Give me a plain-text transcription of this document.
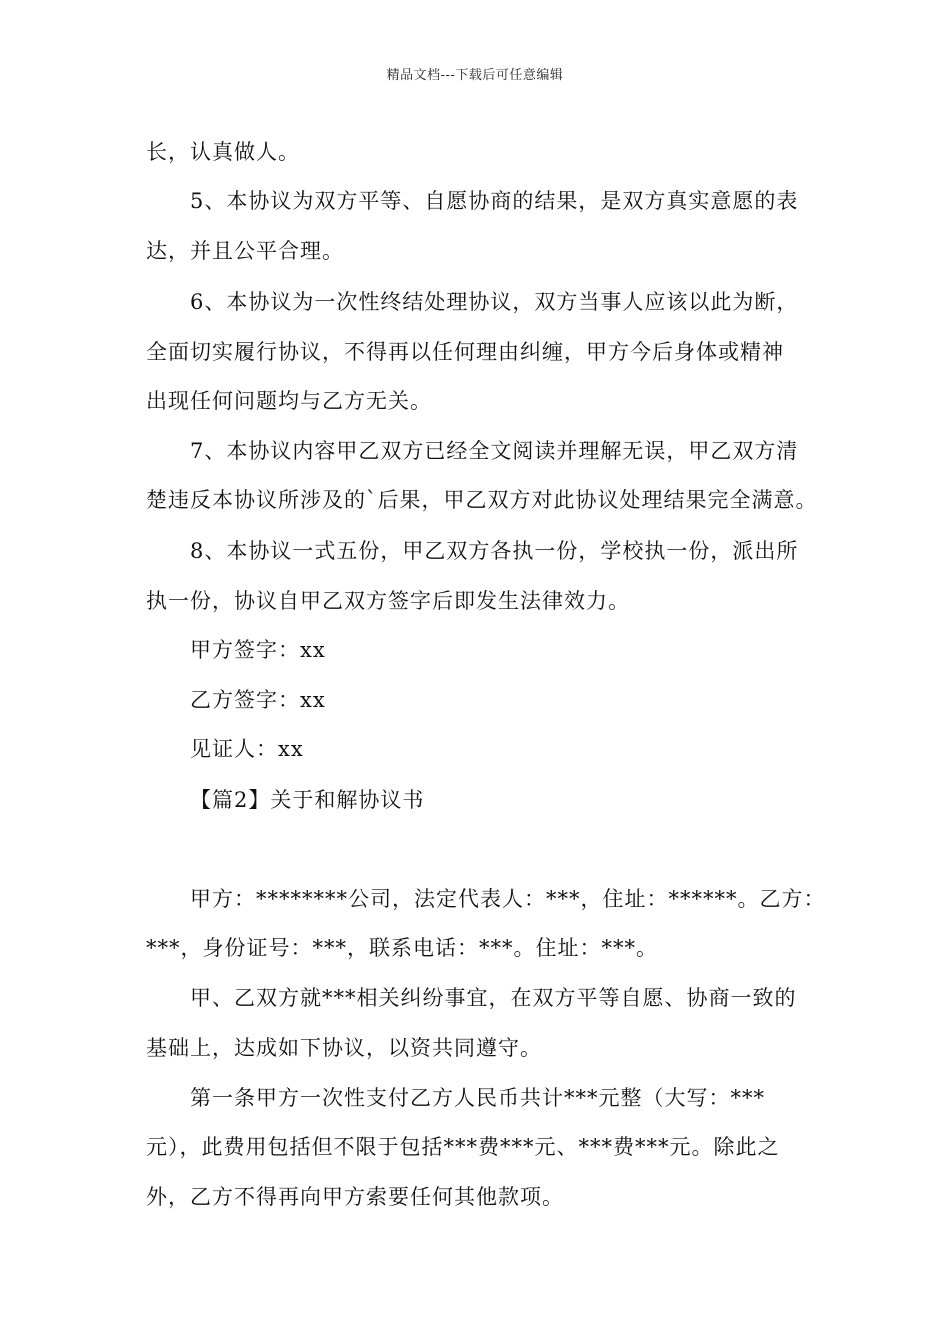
精品文档---下载后可任意编辑
长，认真做人。
5、本协议为双方平等、自愿协商的结果，是双方真实意愿的表
达，并且公平合理。
6、本协议为一次性终结处理协议，双方当事人应该以此为断，
全面切实履行协议，不得再以任何理由纠缠，甲方今后身体或精神
出现任何问题均与乙方无关。
7、本协议内容甲乙双方已经全文阅读并理解无误，甲乙双方清
楚违反本协议所涉及的`后果，甲乙双方对此协议处理结果完全满意。
8、本协议一式五份，甲乙双方各执一份，学校执一份，派出所
执一份，协议自甲乙双方签字后即发生法律效力。
甲方签字：xx
乙方签字：xx
见证人：xx
【篇2】关于和解协议书
甲方：********公司，法定代表人：***，住址：******。乙方：
***，身份证号：***，联系电话：***。住址：***。
甲、乙双方就***相关纠纷事宜，在双方平等自愿、协商一致的
基础上，达成如下协议，以资共同遵守。
第一条甲方一次性支付乙方人民币共计***元整（大写：***
元），此费用包括但不限于包括***费***元、***费***元。除此之
外，乙方不得再向甲方索要任何其他款项。
